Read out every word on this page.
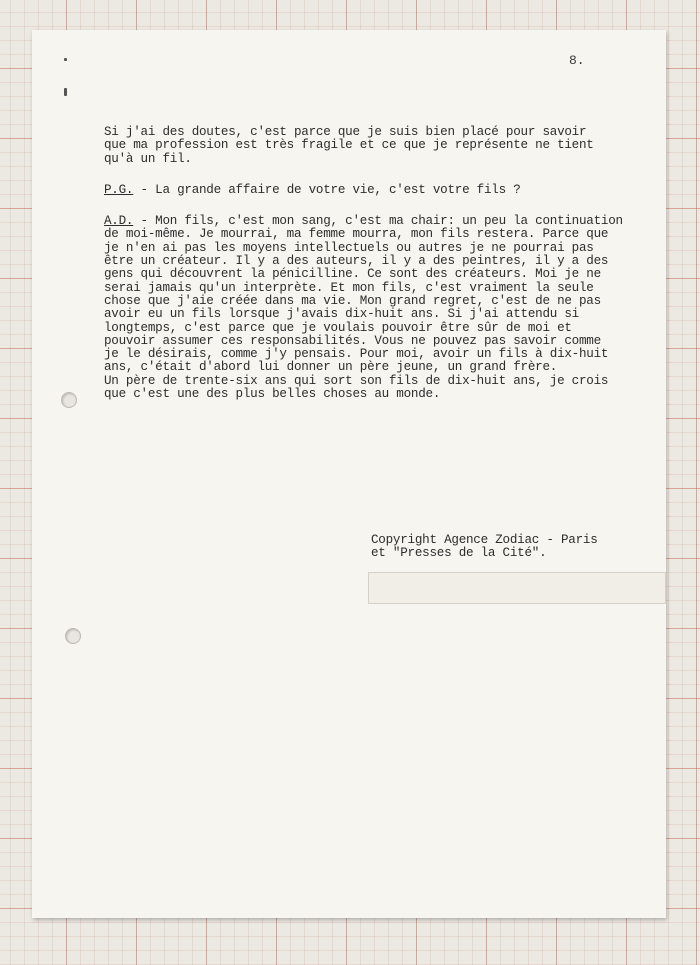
8.
Si j'ai des doutes, c'est parce que je suis bien placé pour savoir
que ma profession est très fragile et ce que je représente ne tient
qu'à un fil.
P.G. - La grande affaire de votre vie, c'est votre fils ?
A.D. - Mon fils, c'est mon sang, c'est ma chair: un peu la continuation
de moi-même. Je mourrai, ma femme mourra, mon fils restera. Parce que
je n'en ai pas les moyens intellectuels ou autres je ne pourrai pas
être un créateur. Il y a des auteurs, il y a des peintres, il y a des
gens qui découvrent la pénicilline. Ce sont des créateurs. Moi je ne
serai jamais qu'un interprète. Et mon fils, c'est vraiment la seule
chose que j'aie créée dans ma vie. Mon grand regret, c'est de ne pas
avoir eu un fils lorsque j'avais dix-huit ans. Si j'ai attendu si
longtemps, c'est parce que je voulais pouvoir être sûr de moi et
pouvoir assumer ces responsabilités. Vous ne pouvez pas savoir comme
je le désirais, comme j'y pensais. Pour moi, avoir un fils à dix-huit
ans, c'était d'abord lui donner un père jeune, un grand frère.
Un père de trente-six ans qui sort son fils de dix-huit ans, je crois
que c'est une des plus belles choses au monde.
Copyright Agence Zodiac - Paris
et "Presses de la Cité".
